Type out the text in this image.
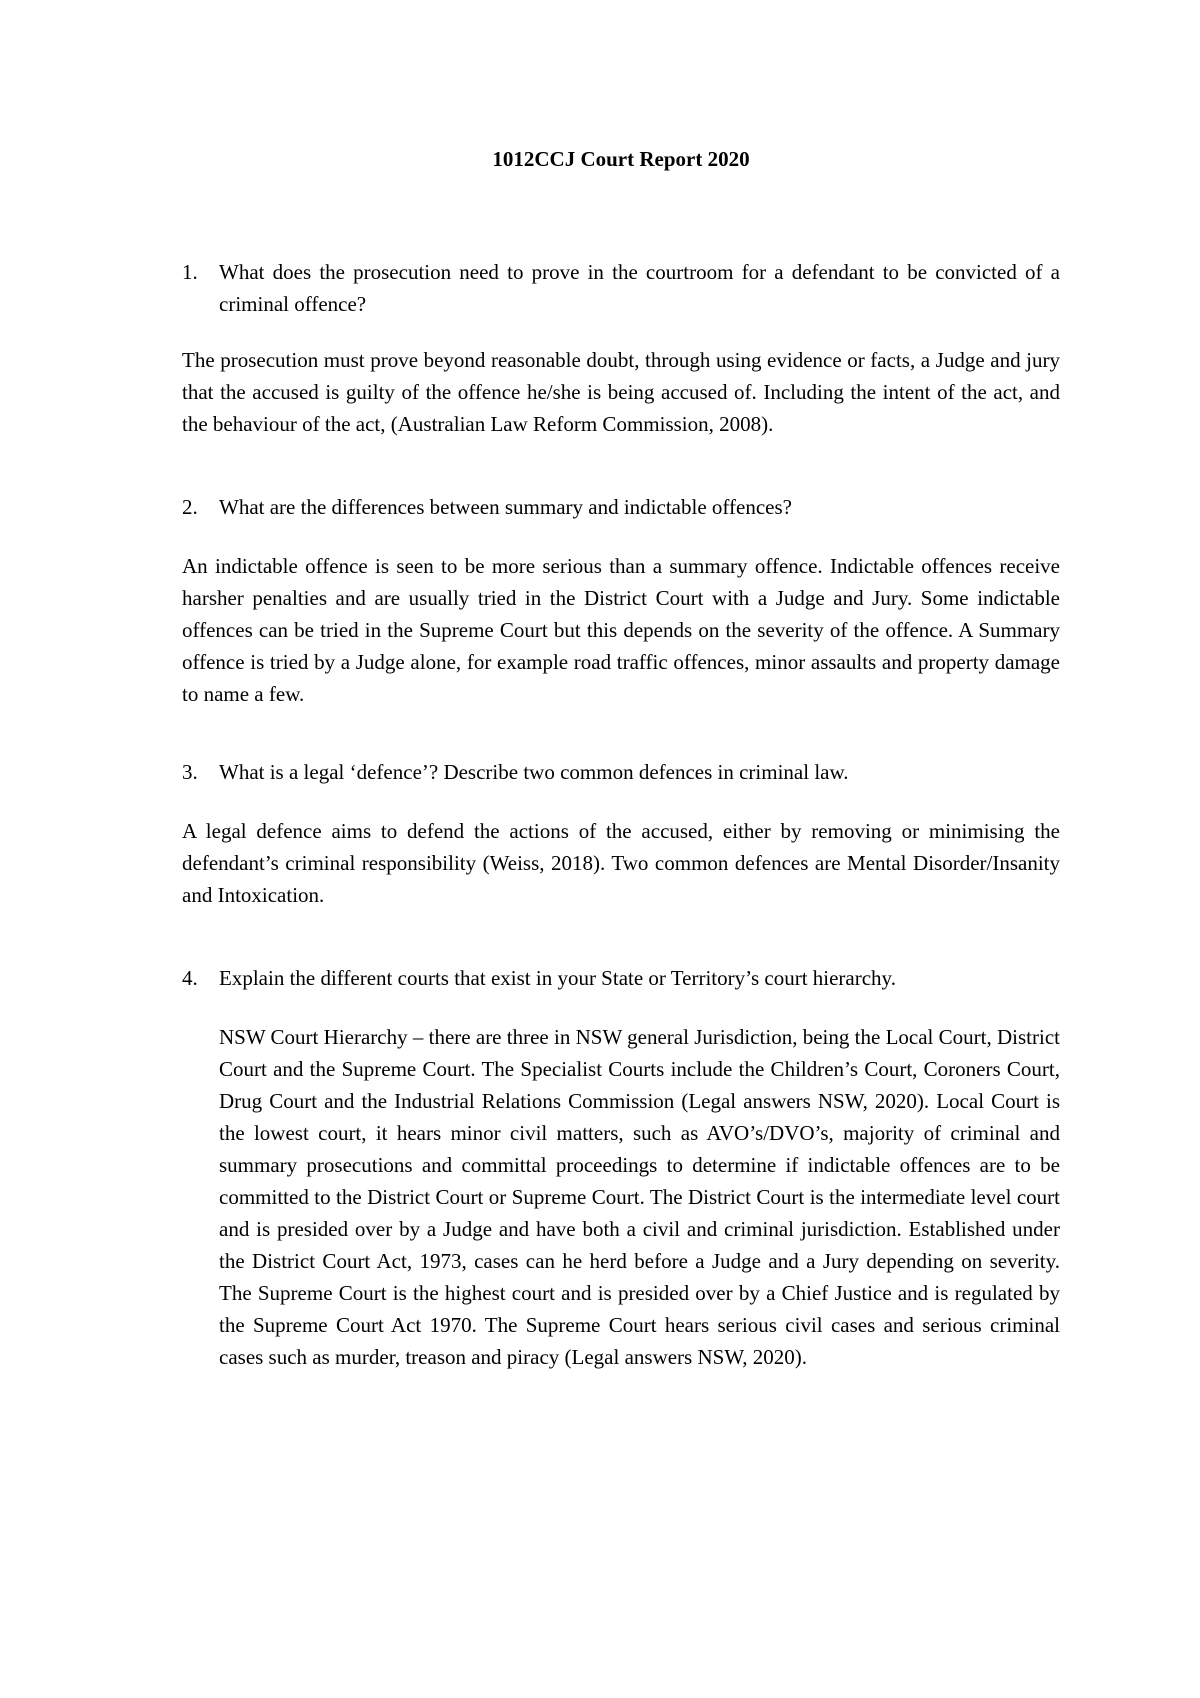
1012CCJ Court Report 2020
1.	What does the prosecution need to prove in the courtroom for a defendant to be convicted of a criminal offence?

The prosecution must prove beyond reasonable doubt, through using evidence or facts, a Judge and jury that the accused is guilty of the offence he/she is being accused of. Including the intent of the act, and the behaviour of the act, (Australian Law Reform Commission, 2008).

2.	What are the differences between summary and indictable offences?

An indictable offence is seen to be more serious than a summary offence. Indictable offences receive harsher penalties and are usually tried in the District Court with a Judge and Jury. Some indictable offences can be tried in the Supreme Court but this depends on the severity of the offence. A Summary offence is tried by a Judge alone, for example road traffic offences, minor assaults and property damage to name a few.

3.	What is a legal ‘defence’? Describe two common defences in criminal law.

A legal defence aims to defend the actions of the accused, either by removing or minimising the defendant’s criminal responsibility (Weiss, 2018). Two common defences are Mental Disorder/Insanity and Intoxication.

4.	Explain the different courts that exist in your State or Territory’s court hierarchy.

NSW Court Hierarchy – there are three in NSW general Jurisdiction, being the Local Court, District Court and the Supreme Court. The Specialist Courts include the Children’s Court, Coroners Court, Drug Court and the Industrial Relations Commission (Legal answers NSW, 2020). Local Court is the lowest court, it hears minor civil matters, such as AVO’s/DVO’s, majority of criminal and summary prosecutions and committal proceedings to determine if indictable offences are to be committed to the District Court or Supreme Court. The District Court is the intermediate level court and is presided over by a Judge and have both a civil and criminal jurisdiction. Established under the District Court Act, 1973, cases can he herd before a Judge and a Jury depending on severity. The Supreme Court is the highest court and is presided over by a Chief Justice and is regulated by the Supreme Court Act 1970. The Supreme Court hears serious civil cases and serious criminal cases such as murder, treason and piracy (Legal answers NSW, 2020).
